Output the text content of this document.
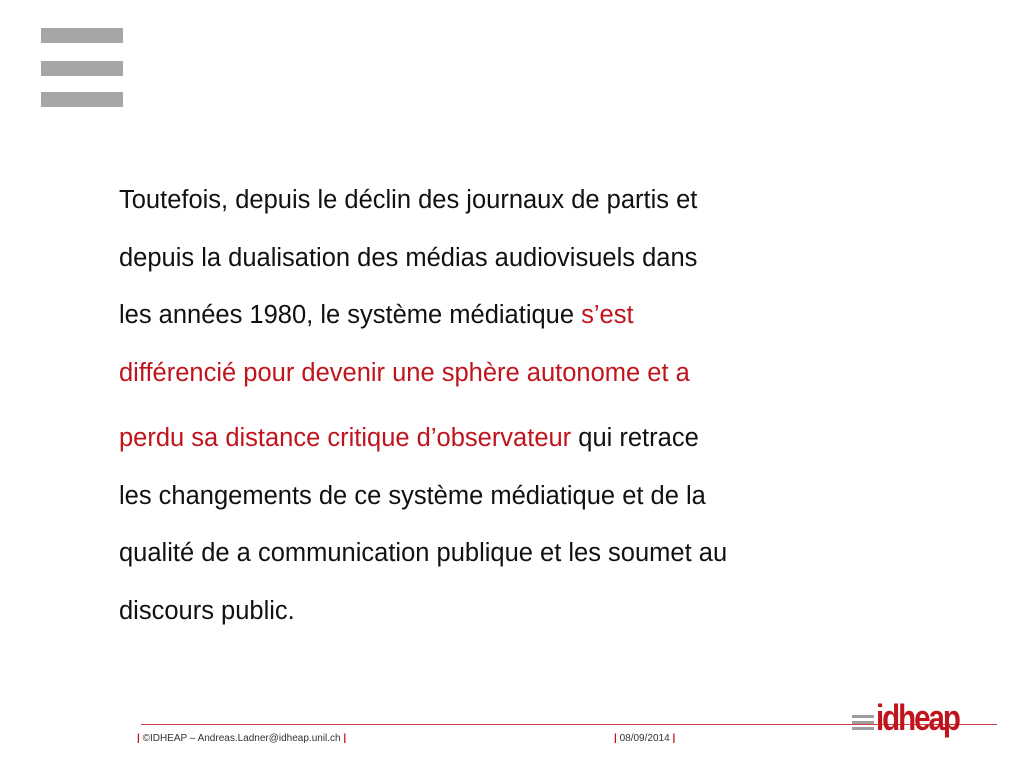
Toutefois, depuis le déclin des journaux de partis et
depuis la dualisation des médias audiovisuels dans
les années 1980, le système médiatique s’est
différencié pour devenir une sphère autonome et a
perdu sa distance critique d’observateur qui retrace
les changements de ce système médiatique et de la
qualité de a communication publique et les soumet au
discours public.

| ©IDHEAP – Andreas.Ladner@idheap.unil.ch |	| 08/09/2014 |
idheap
